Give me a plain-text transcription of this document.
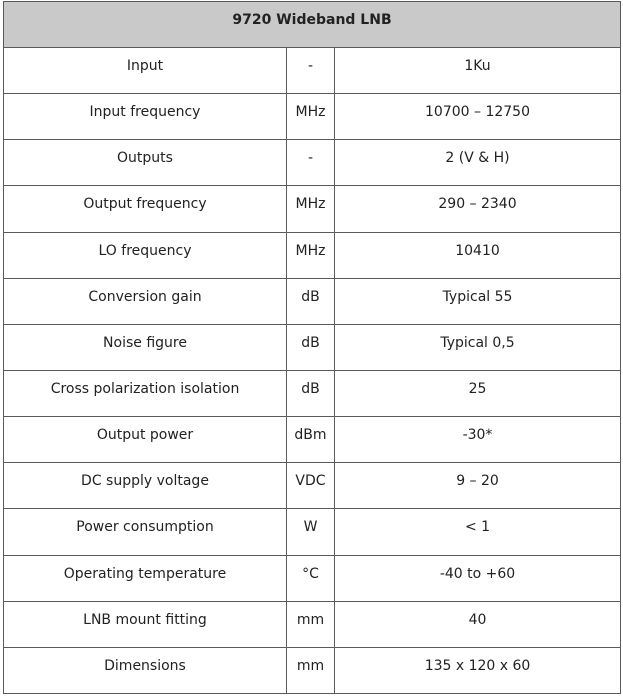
9720 Wideband LNB		
Input	-	1Ku
Input frequency	MHz	10700 – 12750
Outputs	-	2 (V & H)
Output frequency	MHz	290 – 2340
LO frequency	MHz	10410
Conversion gain	dB	Typical 55
Noise figure	dB	Typical 0,5
Cross polarization isolation	dB	25
Output power	dBm	-30*
DC supply voltage	VDC	9 – 20
Power consumption	W	< 1
Operating temperature	°C	-40 to +60
LNB mount fitting	mm	40
Dimensions	mm	135 x 120 x 60
